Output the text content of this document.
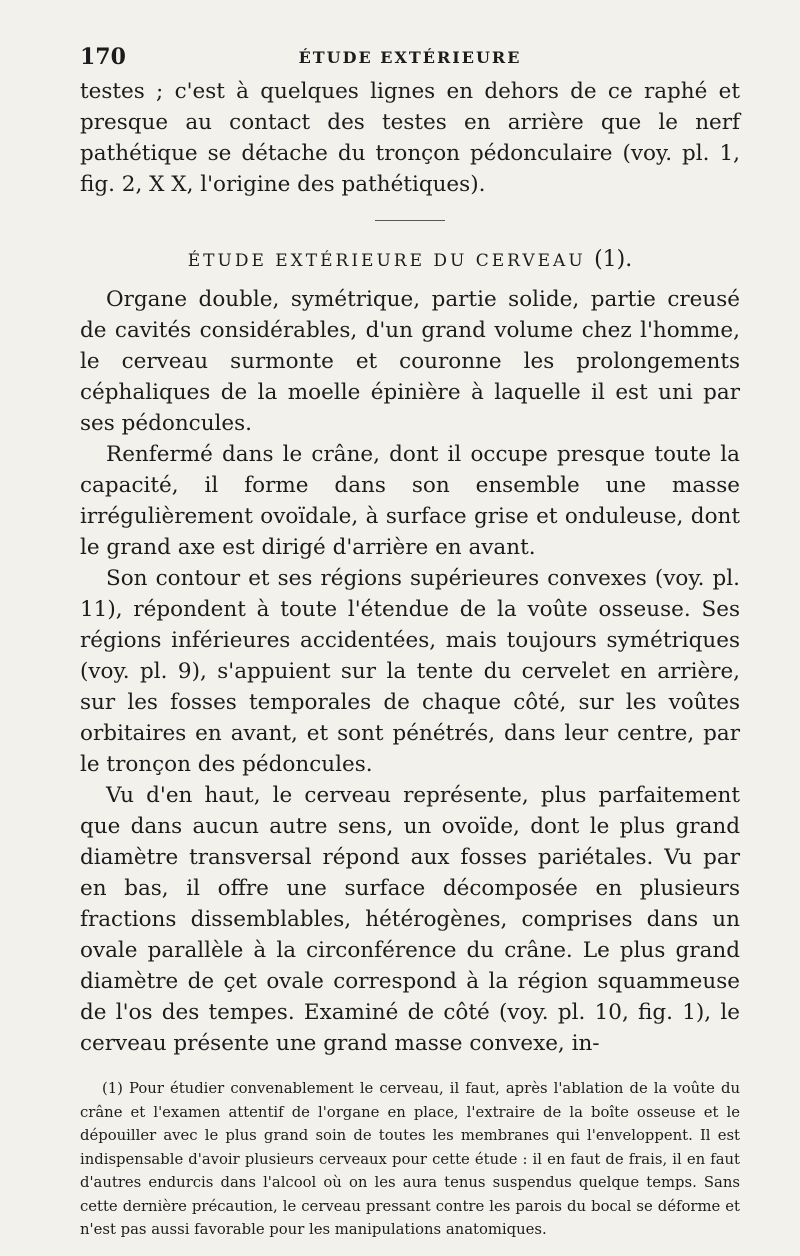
170	ÉTUDE EXTÉRIEURE

testes ; c'est à quelques lignes en dehors de ce raphé et presque au contact des testes en arrière que le nerf pathétique se détache du tronçon pédonculaire (voy. pl. 1, fig. 2, X X, l'origine des pathétiques).

ÉTUDE EXTÉRIEURE DU CERVEAU (1).

Organe double, symétrique, partie solide, partie creusé de cavités considérables, d'un grand volume chez l'homme, le cerveau surmonte et couronne les prolongements céphaliques de la moelle épinière à laquelle il est uni par ses pédoncules.

Renfermé dans le crâne, dont il occupe presque toute la capacité, il forme dans son ensemble une masse irrégulièrement ovoïdale, à surface grise et onduleuse, dont le grand axe est dirigé d'arrière en avant.

Son contour et ses régions supérieures convexes (voy. pl. 11), répondent à toute l'étendue de la voûte osseuse. Ses régions inférieures accidentées, mais toujours symétriques (voy. pl. 9), s'appuient sur la tente du cervelet en arrière, sur les fosses temporales de chaque côté, sur les voûtes orbitaires en avant, et sont pénétrés, dans leur centre, par le tronçon des pédoncules.

Vu d'en haut, le cerveau représente, plus parfaitement que dans aucun autre sens, un ovoïde, dont le plus grand diamètre transversal répond aux fosses pariétales. Vu par en bas, il offre une surface décomposée en plusieurs fractions dissemblables, hétérogènes, comprises dans un ovale parallèle à la circonférence du crâne. Le plus grand diamètre de çet ovale correspond à la région squammeuse de l'os des tempes. Examiné de côté (voy. pl. 10, fig. 1), le cerveau présente une grand masse convexe, in-

(1) Pour étudier convenablement le cerveau, il faut, après l'ablation de la voûte du crâne et l'examen attentif de l'organe en place, l'extraire de la boîte osseuse et le dépouiller avec le plus grand soin de toutes les membranes qui l'enveloppent. Il est indispensable d'avoir plusieurs cerveaux pour cette étude : il en faut de frais, il en faut d'autres endurcis dans l'alcool où on les aura tenus suspendus quelque temps. Sans cette dernière précaution, le cerveau pressant contre les parois du bocal se déforme et n'est pas aussi favorable pour les manipulations anatomiques.
